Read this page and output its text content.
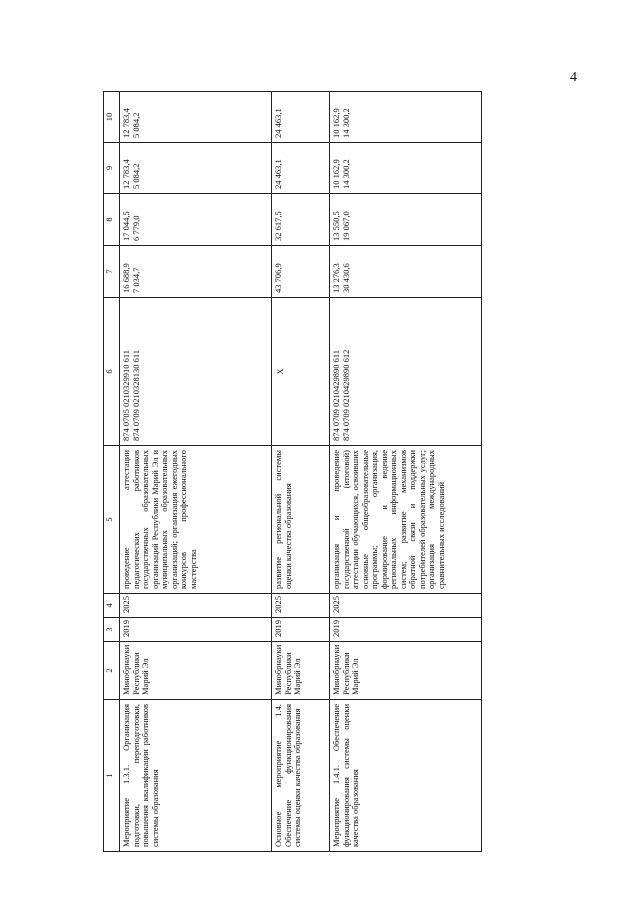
4
1	2	3	4	5	6	7	8	9	10
Мероприятие 1.3.1. Организация подготовки, переподготовки, повышения квалификации работников системы образования	Минобрнауки Республики Марий Эл	2019	2025	проведение аттестации педагогических работников государственных образовательных организаций Республики Марий Эл и муниципальных образовательных организаций; организация ежегодных конкурсов профессионального мастерства	874 0705 0210329910 611 874 0709 0210328130 611	16 688,9 7 034,7	17 044,5 6 779,0	12 783,4 5 084,2	12 783,4 5 084,2

Основное мероприятие 1.4. Обеспечение функционирования системы оценки качества образования	Минобрнауки Республики Марий Эл	2019	2025	развитие региональной системы оценки качества образования	X	43 706,9	32 617,5	24 463,1	24 463,1

Мероприятие 1.4.1. Обеспечение функционирования системы оценки качества образования	Минобрнауки Республики Марий Эл	2019	2025	организация и проведение государственной (итоговой) аттестации обучающихся, освоивших основные общеобразовательные программы; организация, формирование и ведение региональных информационных систем; развитие механизмов обратной связи и поддержки потребителей образовательных услуг; организация международных сравнительных исследований	874 0709 0210429890 611 874 0709 0210429890 612	13 276,3 30 430,6	13 550,5 19 067,0	10 162,9 14 300,2	10 162,9 14 300,2
